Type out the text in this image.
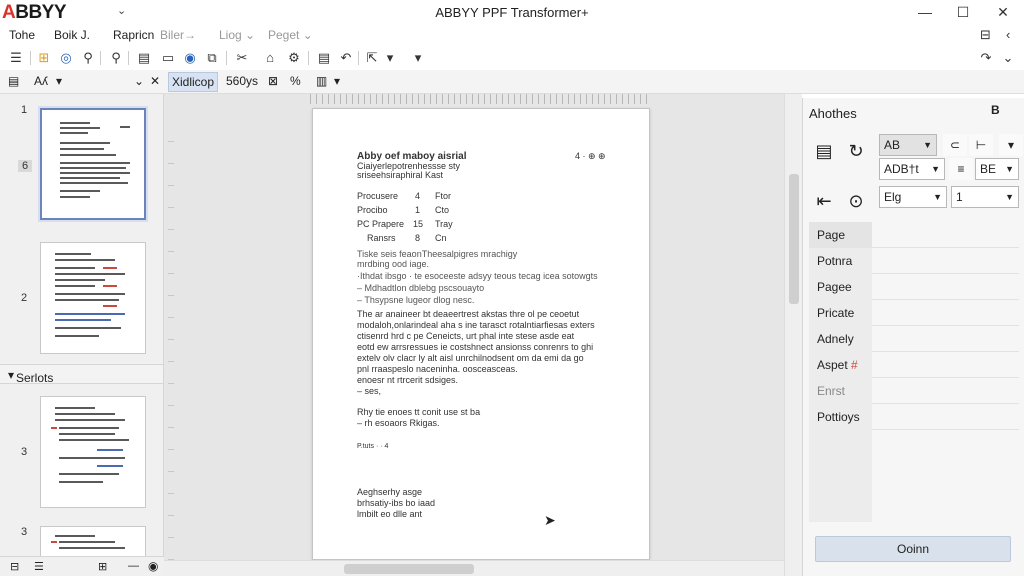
ABBYY	⌄	ABBYY PPF Transformer+	—	☐	✕
Tohe Boik J. Rapricn Biler→ Liog ⌄ Peget ⌄	⊟ ‹
☰	⊞ ◎ ⚲	⚲	▤ ▭ ◉ ⧉	✂	⌂	⚙	▤ ↶	⇱ ▾	▾	↷ ⌄
▤ Aʎ ▾	⌄ ✕ Xidlicop 560ys ⊠ % ▥ ▾
1
6
2
Serlots
▾
3
3
⊟ ☰	⊞ — ◉
Abby oef maboy aisrial	4 · ⊕ ⊕
Ciaiyerlepotrenhessse sty
sriseehsiraphiral Kast
Procusere 4 Ftor
Procibo	1 Cto
PC Prapere 15 Tray
Ransrs 8 Cn
Tiske seis feaonTheesalpigres mrachigy
mrdbing ood iage.
·Ithdat ibsgo · te esoceeste adsyy teous tecag icea sotowgts
– Mdhadtlon dblebg pscsouayto
– Thsypsne lugeor dlog nesc.
The ar anaineer bt deaeertrest akstas thre ol pe ceoetut
modaloh,onlarindeal aha s ine tarasct rotalntiarfiesas exters
ctisenrd hrd c pe Ceneicts, urt phal inte stese asde eat
eotd ew arrsressues ie costshnect ansionss conrenrs to ghi
extelv olv clacr ly alt aisl unrchilnodsent om da emi da go
pnl rraaspeslo naceninha. oosceasceas.
enoesr nt rtrcerit sdsiges.
– ses,
Rhy tie enoes tt conit use st ba
– rh esoaors Rkigas.
P.tuts · · 4
Aeghserhy asge
brhsatiy-ibs bo iaad
lmbilt eo dlle ant	➤
Ahothes	B
▤ ↻	AB	▼	⊂	⊢	▾
ADB†t ▼	≡	BE ▼
⇤ ⊙	Elg	▼	1	▼
Page
Potnra
Pagee
Pricate
Adnely
Aspet #
Enrst
Pottioys
Ooinn
